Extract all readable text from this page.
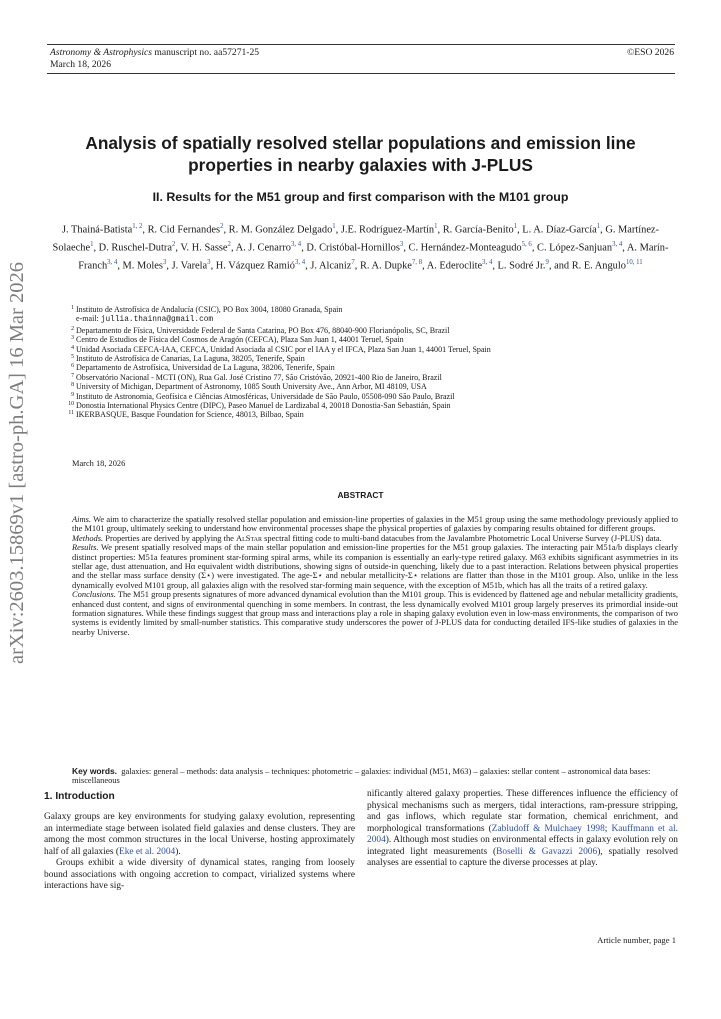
Astronomy & Astrophysics manuscript no. aa57271-25
March 18, 2026
©ESO 2026
arXiv:2603.15869v1 [astro-ph.GA] 16 Mar 2026
Analysis of spatially resolved stellar populations and emission line
properties in nearby galaxies with J-PLUS
II. Results for the M51 group and first comparison with the M101 group
J. Thainá-Batista$^{1, 2}$, R. Cid Fernandes$^2$, R. M. González Delgado$^1$, J.E. Rodríguez-Martín$^1$, R. García-Benito$^1$, L. A. Díaz-García$^1$, G. Martínez-Solaeche$^1$, D. Ruschel-Dutra$^2$, V. H. Sasse$^2$, A. J. Cenarro$^{3, 4}$, D. Cristóbal-Hornillos$^3$, C. Hernández-Monteagudo$^{5, 6}$, C. López-Sanjuan$^{3, 4}$, A. Marín-Franch$^{3, 4}$, M. Moles$^3$, J. Varela$^3$, H. Vázquez Ramió$^{3, 4}$, J. Alcaniz$^7$, R. A. Dupke$^{7, 8}$, A. Ederoclite$^{3, 4}$, L. Sodré Jr.$^9$, and R. E. Angulo$^{10, 11}$
1 Instituto de Astrofísica de Andalucía (CSIC), PO Box 3004, 18080 Granada, Spain
e-mail: jullia.thainna@gmail.com
2 Departamento de Física, Universidade Federal de Santa Catarina, PO Box 476, 88040-900 Florianópolis, SC, Brazil
3 Centro de Estudios de Física del Cosmos de Aragón (CEFCA), Plaza San Juan 1, 44001 Teruel, Spain
4 Unidad Asociada CEFCA-IAA, CEFCA, Unidad Asociada al CSIC por el IAA y el IFCA, Plaza San Juan 1, 44001 Teruel, Spain
5 Instituto de Astrofísica de Canarias, La Laguna, 38205, Tenerife, Spain
6 Departamento de Astrofísica, Universidad de La Laguna, 38206, Tenerife, Spain
7 Observatório Nacional - MCTI (ON), Rua Gal. José Cristino 77, São Cristóvão, 20921-400 Rio de Janeiro, Brazil
8 University of Michigan, Department of Astronomy, 1085 South University Ave., Ann Arbor, MI 48109, USA
9 Instituto de Astronomia, Geofísica e Ciências Atmosféricas, Universidade de São Paulo, 05508-090 São Paulo, Brazil
10 Donostia International Physics Centre (DIPC), Paseo Manuel de Lardizabal 4, 20018 Donostia-San Sebastián, Spain
11 IKERBASQUE, Basque Foundation for Science, 48013, Bilbao, Spain
March 18, 2026
ABSTRACT

Aims. We aim to characterize the spatially resolved stellar population and emission-line properties of galaxies in the M51 group using the same methodology previously applied to the M101 group, ultimately seeking to understand how environmental processes shape the physical properties of galaxies by comparing results obtained for different groups.

Methods. Properties are derived by applying the AlStar spectral fitting code to multi-band datacubes from the Javalambre Photometric Local Universe Survey (J-PLUS) data.

Results. We present spatially resolved maps of the main stellar population and emission-line properties for the M51 group galaxies. The interacting pair M51a/b displays clearly distinct properties: M51a features prominent star-forming spiral arms, while its companion is essentially an early-type retired galaxy. M63 exhibits significant asymmetries in its stellar age, dust attenuation, and Hα equivalent width distributions, showing signs of outside-in quenching, likely due to a past interaction. Relations between physical properties and the stellar mass surface density (Σ⋆) were investigated. The age-Σ⋆ and nebular metallicity-Σ⋆ relations are flatter than those in the M101 group. Also, unlike in the less dynamically evolved M101 group, all galaxies align with the resolved star-forming main sequence, with the exception of M51b, which has all the traits of a retired galaxy.

Conclusions. The M51 group presents signatures of more advanced dynamical evolution than the M101 group. This is evidenced by flattened age and nebular metallicity gradients, enhanced dust content, and signs of environmental quenching in some members. In contrast, the less dynamically evolved M101 group largely preserves its primordial inside-out formation signatures. While these findings suggest that group mass and interactions play a role in shaping galaxy evolution even in low-mass environments, the comparison of two systems is evidently limited by small-number statistics. This comparative study underscores the power of J-PLUS data for conducting detailed IFS-like studies of galaxies in the nearby Universe.

Key words. galaxies: general – methods: data analysis – techniques: photometric – galaxies: individual (M51, M63) – galaxies: stellar content – astronomical data bases: miscellaneous
1. Introduction

Galaxy groups are key environments for studying galaxy evolution, representing an intermediate stage between isolated field galaxies and dense clusters. They are among the most common structures in the local Universe, hosting approximately half of all galaxies (Eke et al. 2004).

Groups exhibit a wide diversity of dynamical states, ranging from loosely bound associations with ongoing accretion to compact, virialized systems where interactions have sig-

nificantly altered galaxy properties. These differences influence the efficiency of physical mechanisms such as mergers, tidal interactions, ram-pressure stripping, and gas inflows, which regulate star formation, chemical enrichment, and morphological transformations (Zabludoff & Mulchaey 1998; Kauffmann et al. 2004). Although most studies on environmental effects in galaxy evolution rely on integrated light measurements (Boselli & Gavazzi 2006), spatially resolved analyses are essential to capture the diverse processes at play.

Article number, page 1
